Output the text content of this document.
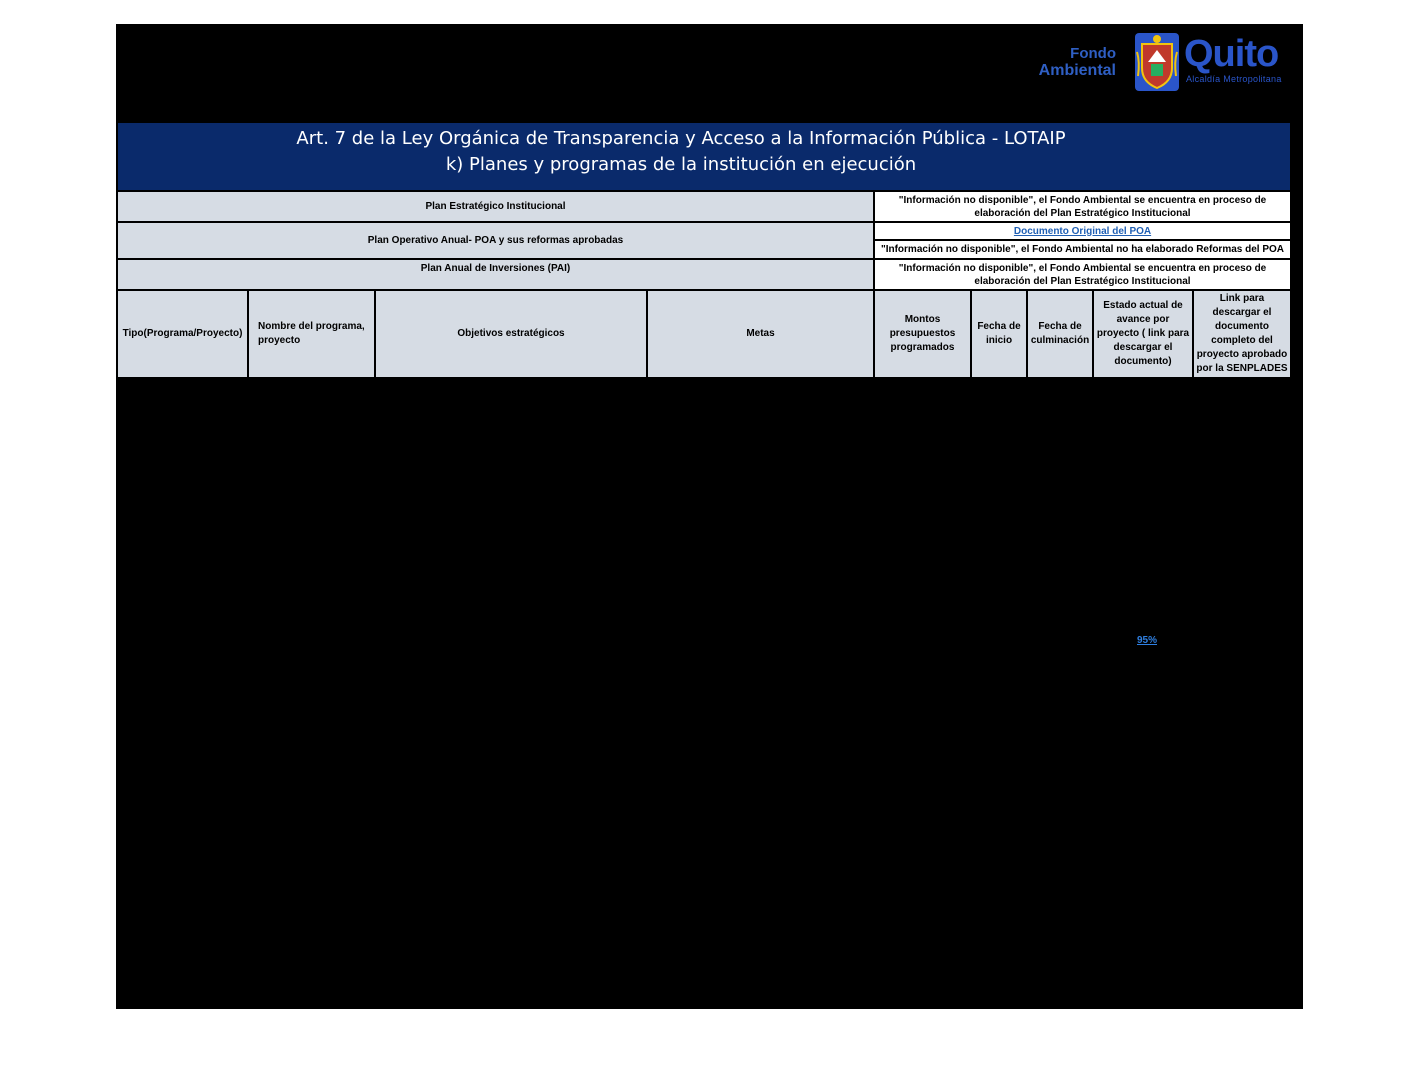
Fondo
Ambiental Quito
Alcaldía Metropolitana
Art. 7 de la Ley Orgánica de Transparencia y Acceso a la Información Pública - LOTAIP
k) Planes y programas de la institución en ejecución
Plan Estratégico Institucional
"Información no disponible", el Fondo Ambiental se encuentra en proceso de elaboración del Plan Estratégico Institucional
Plan Operativo Anual- POA y sus reformas aprobadas
Documento Original del POA
"Información no disponible", el Fondo Ambiental no ha elaborado Reformas del POA
Plan Anual de Inversiones (PAI)	"Información no disponible", el Fondo Ambiental se encuentra en proceso de elaboración del Plan Estratégico Institucional
Tipo(Programa/Proyecto)
Nombre del programa, proyecto
Objetivos estratégicos	Metas
Montos presupuestos programados
Fecha de inicio
Fecha de culminación
Estado actual de avance por proyecto ( link para descargar el documento)
Link para descargar el documento completo del proyecto aprobado por la SENPLADES
95%
